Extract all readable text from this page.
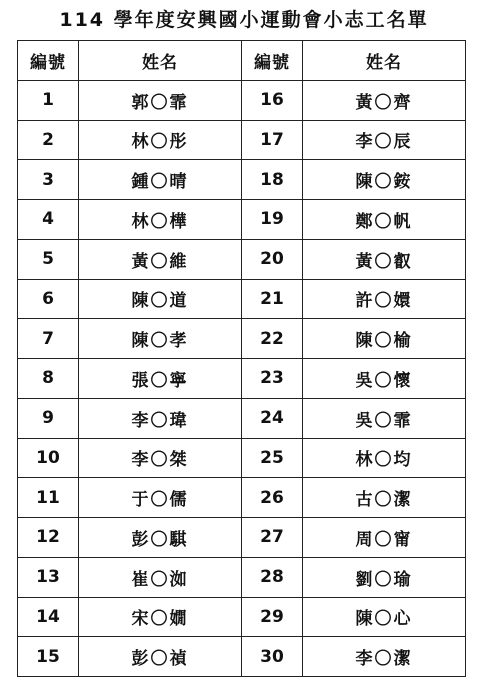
114 學年度安興國小運動會小志工名單
編號	姓名	編號	姓名
1	郭〇霏	16	黃〇齊
2	林〇彤	17	李〇辰
3	鍾〇晴	18	陳〇銨
4	林〇樺	19	鄭〇帆
5	黃〇維	20	黃〇叡
6	陳〇道	21	許〇嬛
7	陳〇孝	22	陳〇榆
8	張〇寧	23	吳〇懷
9	李〇瑋	24	吳〇霏
10	李〇桀	25	林〇均
11	于〇儒	26	古〇潔
12	彭〇騏	27	周〇甯
13	崔〇洳	28	劉〇瑜
14	宋〇嫺	29	陳〇心
15	彭〇禎	30	李〇潔
